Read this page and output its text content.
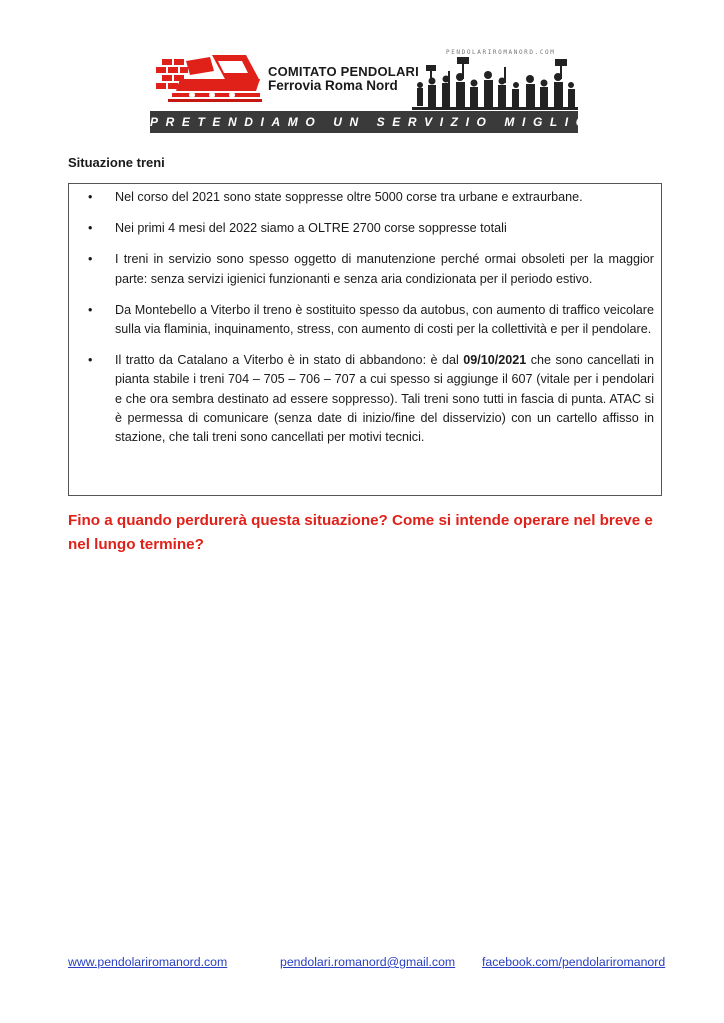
COMITATO PENDOLARI
Ferrovia Roma Nord
PENDOLARIROMANORD.COM
PRETENDIAMO UN SERVIZIO MIGLIORE!
Situazione treni
• Nel corso del 2021 sono state soppresse oltre 5000 corse tra urbane e extraurbane.
• Nei primi 4 mesi del 2022 siamo a OLTRE 2700 corse soppresse totali
• I treni in servizio sono spesso oggetto di manutenzione perché ormai obsoleti per la maggior parte: senza servizi igienici funzionanti e senza aria condizionata per il periodo estivo.
• Da Montebello a Viterbo il treno è sostituito spesso da autobus, con aumento di traffico veicolare sulla via flaminia, inquinamento, stress, con aumento di costi per la collettività e per il pendolare.
• Il tratto da Catalano a Viterbo è in stato di abbandono: è dal 09/10/2021 che sono cancellati in pianta stabile i treni 704 – 705 – 706 – 707 a cui spesso si aggiunge il 607 (vitale per i pendolari e che ora sembra destinato ad essere soppresso). Tali treni sono tutti in fascia di punta. ATAC si è permessa di comunicare (senza date di inizio/fine del disservizio) con un cartello affisso in stazione, che tali treni sono cancellati per motivi tecnici.
Fino a quando perdurerà questa situazione? Come si intende operare nel breve e nel lungo termine?
www.pendolariromanord.com	pendolari.romanord@gmail.com facebook.com/pendolariromanord
